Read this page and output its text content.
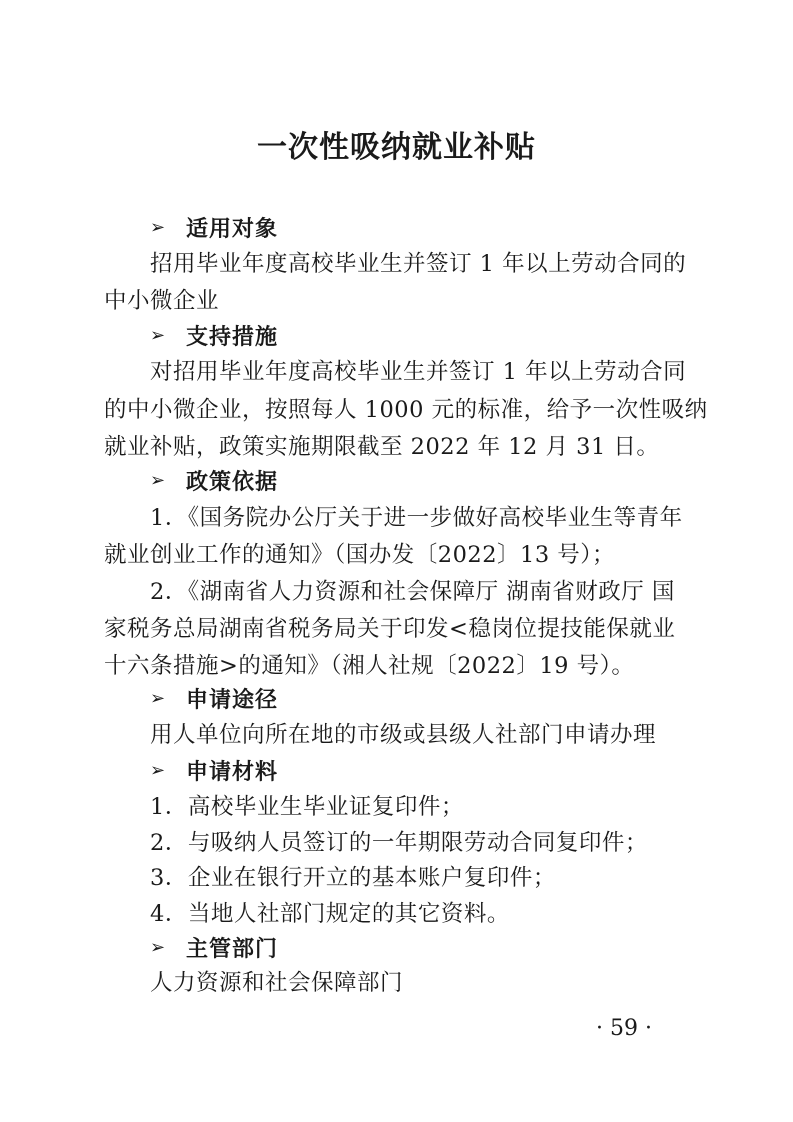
一次性吸纳就业补贴
➢ 适用对象
招用毕业年度高校毕业生并签订 1 年以上劳动合同的
中小微企业
➢ 支持措施
对招用毕业年度高校毕业生并签订 1 年以上劳动合同
的中小微企业，按照每人 1000 元的标准，给予一次性吸纳
就业补贴，政策实施期限截至 2022 年 12 月 31 日。
➢ 政策依据
1．《国务院办公厅关于进一步做好高校毕业生等青年
就业创业工作的通知》（国办发〔2022〕13 号）；
2．《湖南省人力资源和社会保障厅 湖南省财政厅 国
家税务总局湖南省税务局关于印发<稳岗位提技能保就业
十六条措施>的通知》（湘人社规〔2022〕19 号）。
➢ 申请途径
用人单位向所在地的市级或县级人社部门申请办理
➢ 申请材料
1．高校毕业生毕业证复印件；
2．与吸纳人员签订的一年期限劳动合同复印件；
3．企业在银行开立的基本账户复印件；
4．当地人社部门规定的其它资料。
➢ 主管部门
人力资源和社会保障部门
· 59 ·
